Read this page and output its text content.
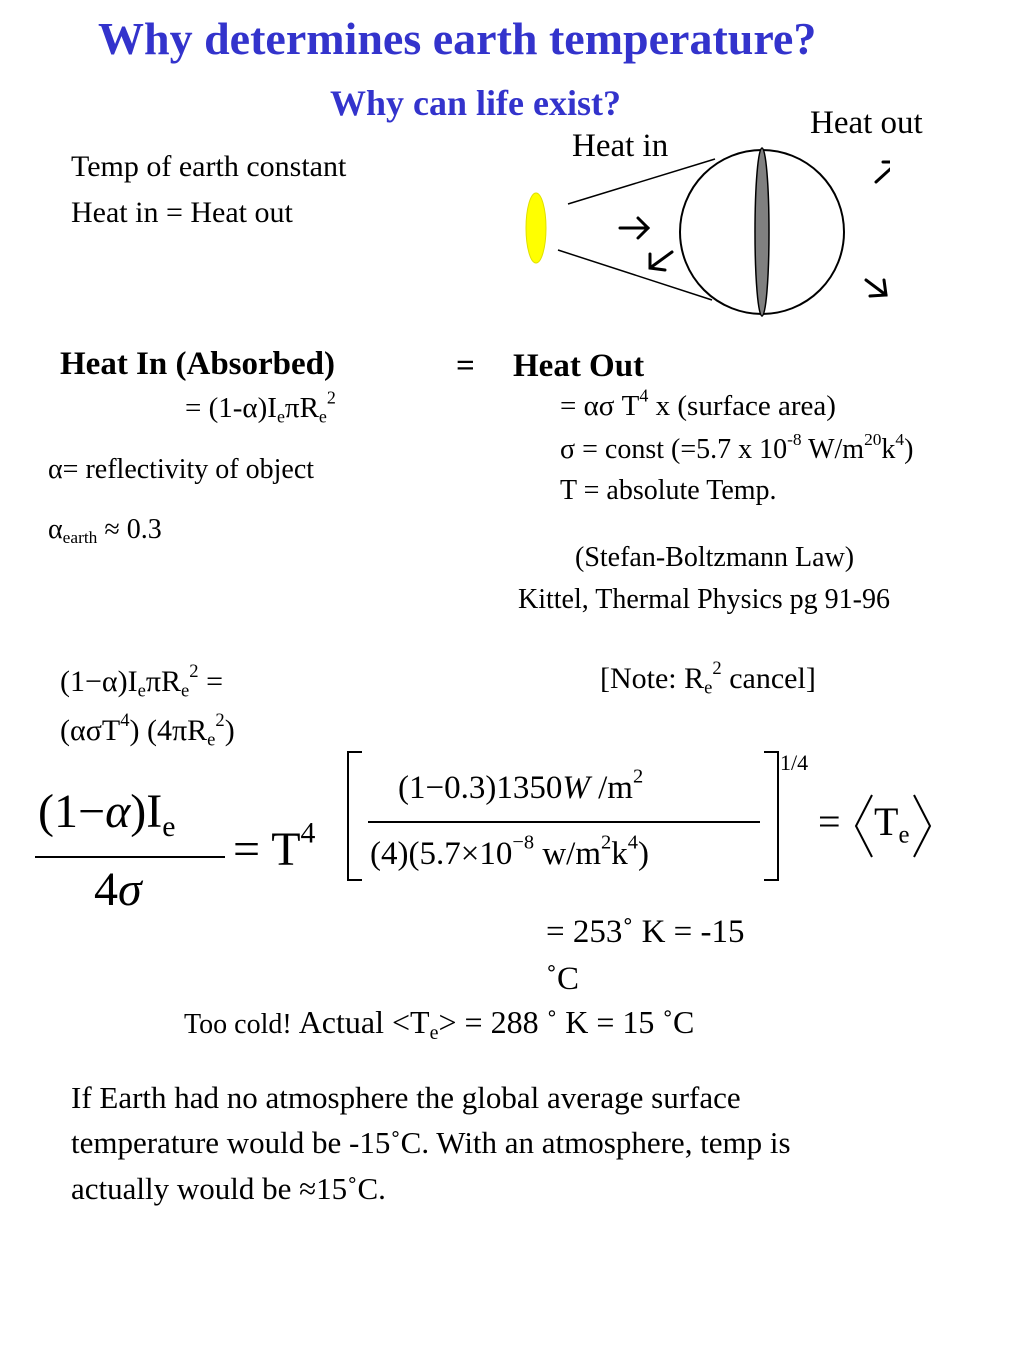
Why determines earth temperature?
Why can life exist?
Heat in
Heat out
Temp of earth constant
Heat in = Heat out
Heat In (Absorbed)	= Heat Out
= $(1-\alpha)I_e\pi R_e^2$
α= reflectivity of object
$\alpha_{earth} \approx 0.3$
= ασ $T^4$ x (surface area)
σ = const (=5.7 x $10^{-8}$ $W/m^{20}k^4$)
T = absolute Temp.
(Stefan-Boltzmann Law)
Kittel, Thermal Physics pg 91-96
$(1-\alpha)I_e\pi R_e^2$ =
(ασT$^4$) $(4\pi R_e^2)$
[Note: $R_e^2$ cancel]
$(1-\alpha)I_e$
4σ
= $T^4$
(1−0.3)1350W $/m^2$
$(4)(5.7\times 10^{-8}$ $w/m^2k^4$)
1/4
= $T_e$
= 253˚ K = -15
˚C
Too cold! Actual $<T_e> = 288$ ˚ K = 15 ˚C
If Earth had no atmosphere the global average surface
temperature would be -15˚C. With an atmosphere, temp is
actually would be ≈15˚C.
